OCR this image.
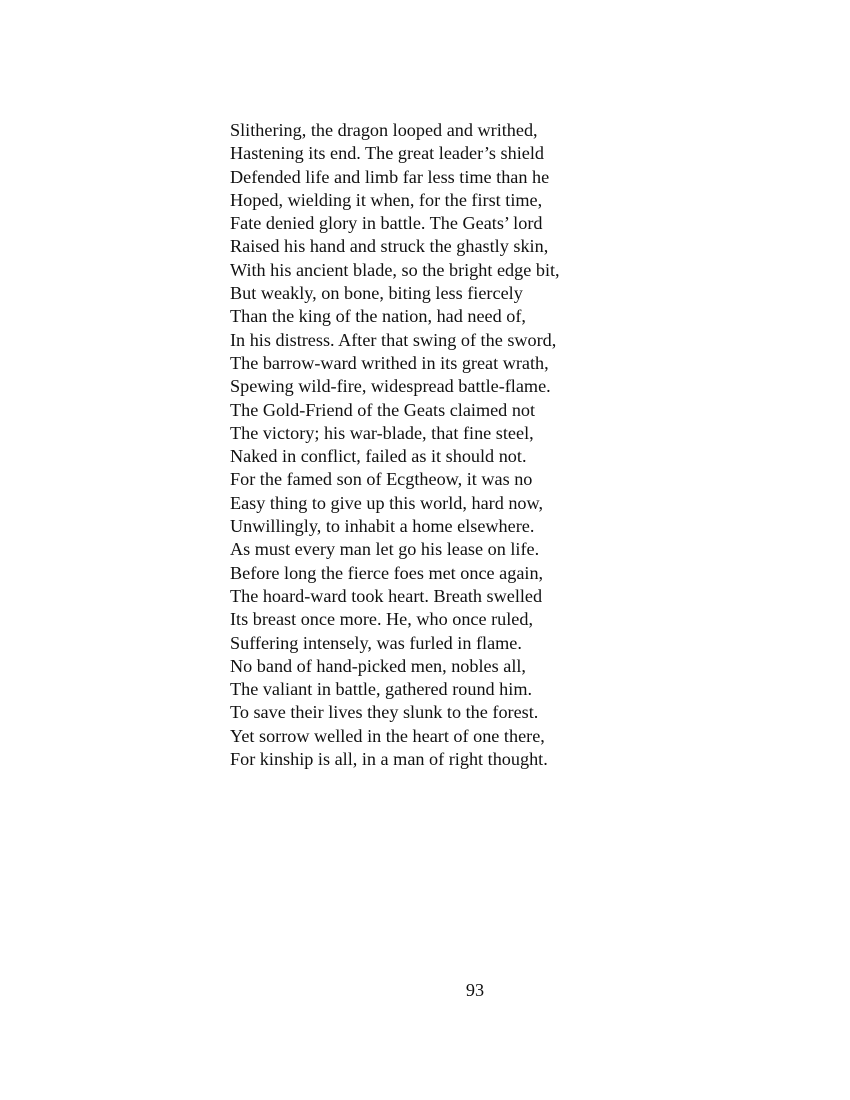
Slithering, the dragon looped and writhed,
Hastening its end. The great leader’s shield
Defended life and limb far less time than he
Hoped, wielding it when, for the first time,
Fate denied glory in battle. The Geats’ lord
Raised his hand and struck the ghastly skin,
With his ancient blade, so the bright edge bit,
But weakly, on bone, biting less fiercely
Than the king of the nation, had need of,
In his distress. After that swing of the sword,
The barrow-ward writhed in its great wrath,
Spewing wild-fire, widespread battle-flame.
The Gold-Friend of the Geats claimed not
The victory; his war-blade, that fine steel,
Naked in conflict, failed as it should not.
For the famed son of Ecgtheow, it was no
Easy thing to give up this world, hard now,
Unwillingly, to inhabit a home elsewhere.
As must every man let go his lease on life.
Before long the fierce foes met once again,
The hoard-ward took heart. Breath swelled
Its breast once more. He, who once ruled,
Suffering intensely, was furled in flame.
No band of hand-picked men, nobles all,
The valiant in battle, gathered round him.
To save their lives they slunk to the forest.
Yet sorrow welled in the heart of one there,
For kinship is all, in a man of right thought.
93
